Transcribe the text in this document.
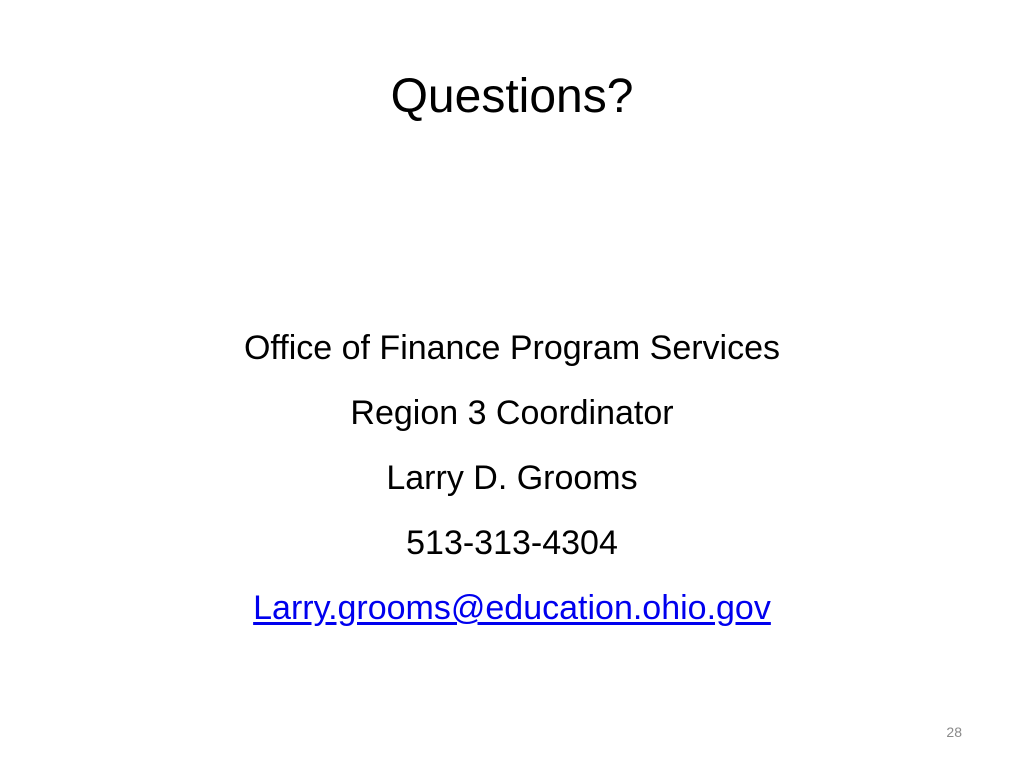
Questions?
Office of Finance Program Services
Region 3 Coordinator
Larry D. Grooms
513-313-4304
Larry.grooms@education.ohio.gov
28
